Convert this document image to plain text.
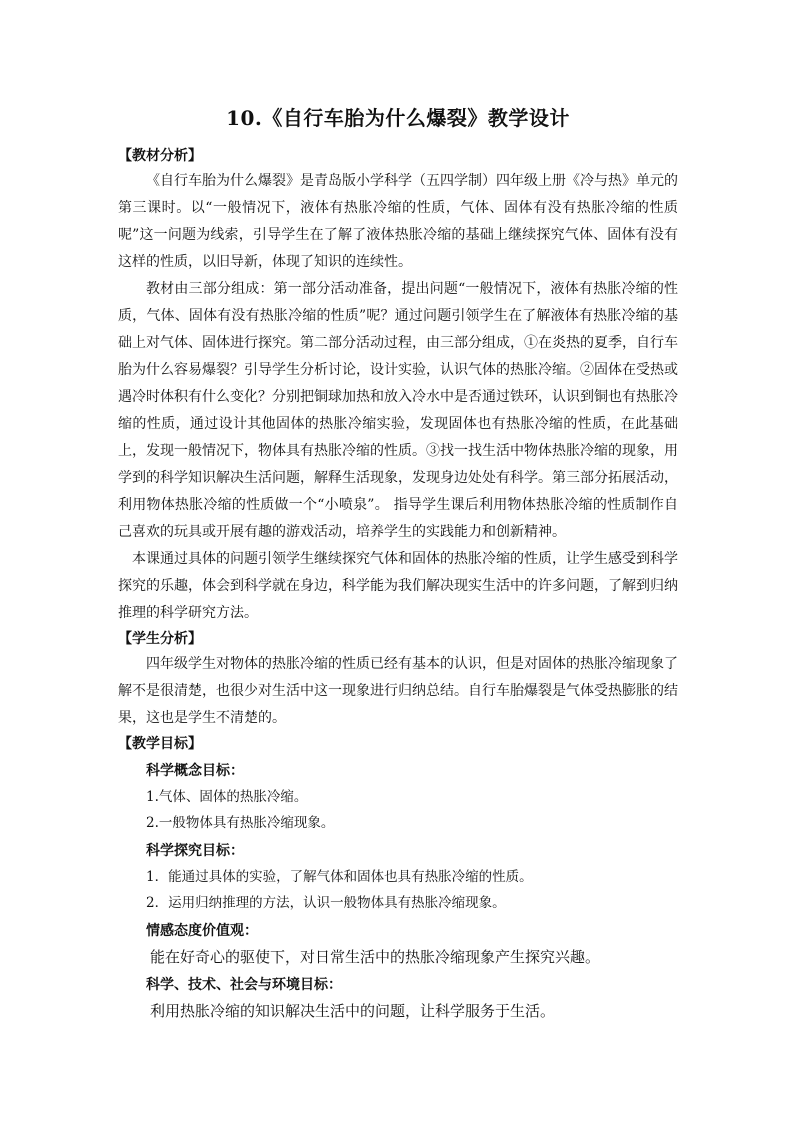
10.《自行车胎为什么爆裂》教学设计

【教材分析】

《自行车胎为什么爆裂》是青岛版小学科学（五四学制）四年级上册《冷与热》单元的第三课时。以“一般情况下，液体有热胀冷缩的性质，气体、固体有没有热胀冷缩的性质呢”这一问题为线索，引导学生在了解了液体热胀冷缩的基础上继续探究气体、固体有没有这样的性质，以旧导新，体现了知识的连续性。

教材由三部分组成：第一部分活动准备，提出问题“一般情况下，液体有热胀冷缩的性质，气体、固体有没有热胀冷缩的性质”呢？通过问题引领学生在了解液体有热胀冷缩的基础上对气体、固体进行探究。第二部分活动过程，由三部分组成，①在炎热的夏季，自行车胎为什么容易爆裂？引导学生分析讨论，设计实验，认识气体的热胀冷缩。②固体在受热或遇冷时体积有什么变化？分别把铜球加热和放入冷水中是否通过铁环，认识到铜也有热胀冷缩的性质，通过设计其他固体的热胀冷缩实验，发现固体也有热胀冷缩的性质，在此基础上，发现一般情况下，物体具有热胀冷缩的性质。③找一找生活中物体热胀冷缩的现象，用学到的科学知识解决生活问题，解释生活现象，发现身边处处有科学。第三部分拓展活动，利用物体热胀冷缩的性质做一个“小喷泉”。 指导学生课后利用物体热胀冷缩的性质制作自己喜欢的玩具或开展有趣的游戏活动，培养学生的实践能力和创新精神。

本课通过具体的问题引领学生继续探究气体和固体的热胀冷缩的性质，让学生感受到科学探究的乐趣，体会到科学就在身边，科学能为我们解决现实生活中的许多问题，了解到归纳推理的科学研究方法。

【学生分析】

四年级学生对物体的热胀冷缩的性质已经有基本的认识，但是对固体的热胀冷缩现象了解不是很清楚，也很少对生活中这一现象进行归纳总结。自行车胎爆裂是气体受热膨胀的结果，这也是学生不清楚的。

【教学目标】

科学概念目标：

1.气体、固体的热胀冷缩。

2.一般物体具有热胀冷缩现象。

科学探究目标：

1．能通过具体的实验，了解气体和固体也具有热胀冷缩的性质。

2．运用归纳推理的方法，认识一般物体具有热胀冷缩现象。

情感态度价值观：

能在好奇心的驱使下，对日常生活中的热胀冷缩现象产生探究兴趣。

科学、技术、社会与环境目标：

利用热胀冷缩的知识解决生活中的问题，让科学服务于生活。
